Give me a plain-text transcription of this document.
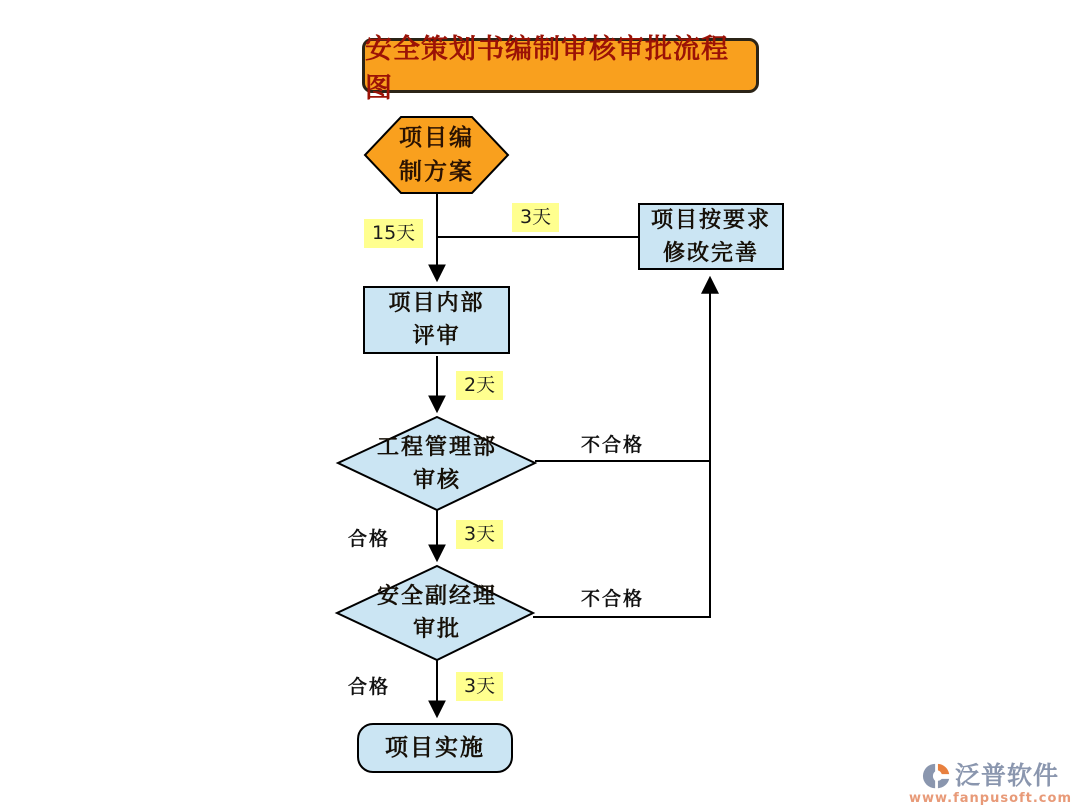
安全策划书编制审核审批流程图
项目编
制方案
项目按要求
修改完善
项目内部
评审
工程管理部
审核
安全副经理
审批
项目实施
15天
3天
2天
3天
3天
不合格
合格
不合格
合格
泛普软件
www.fanpusoft.com
